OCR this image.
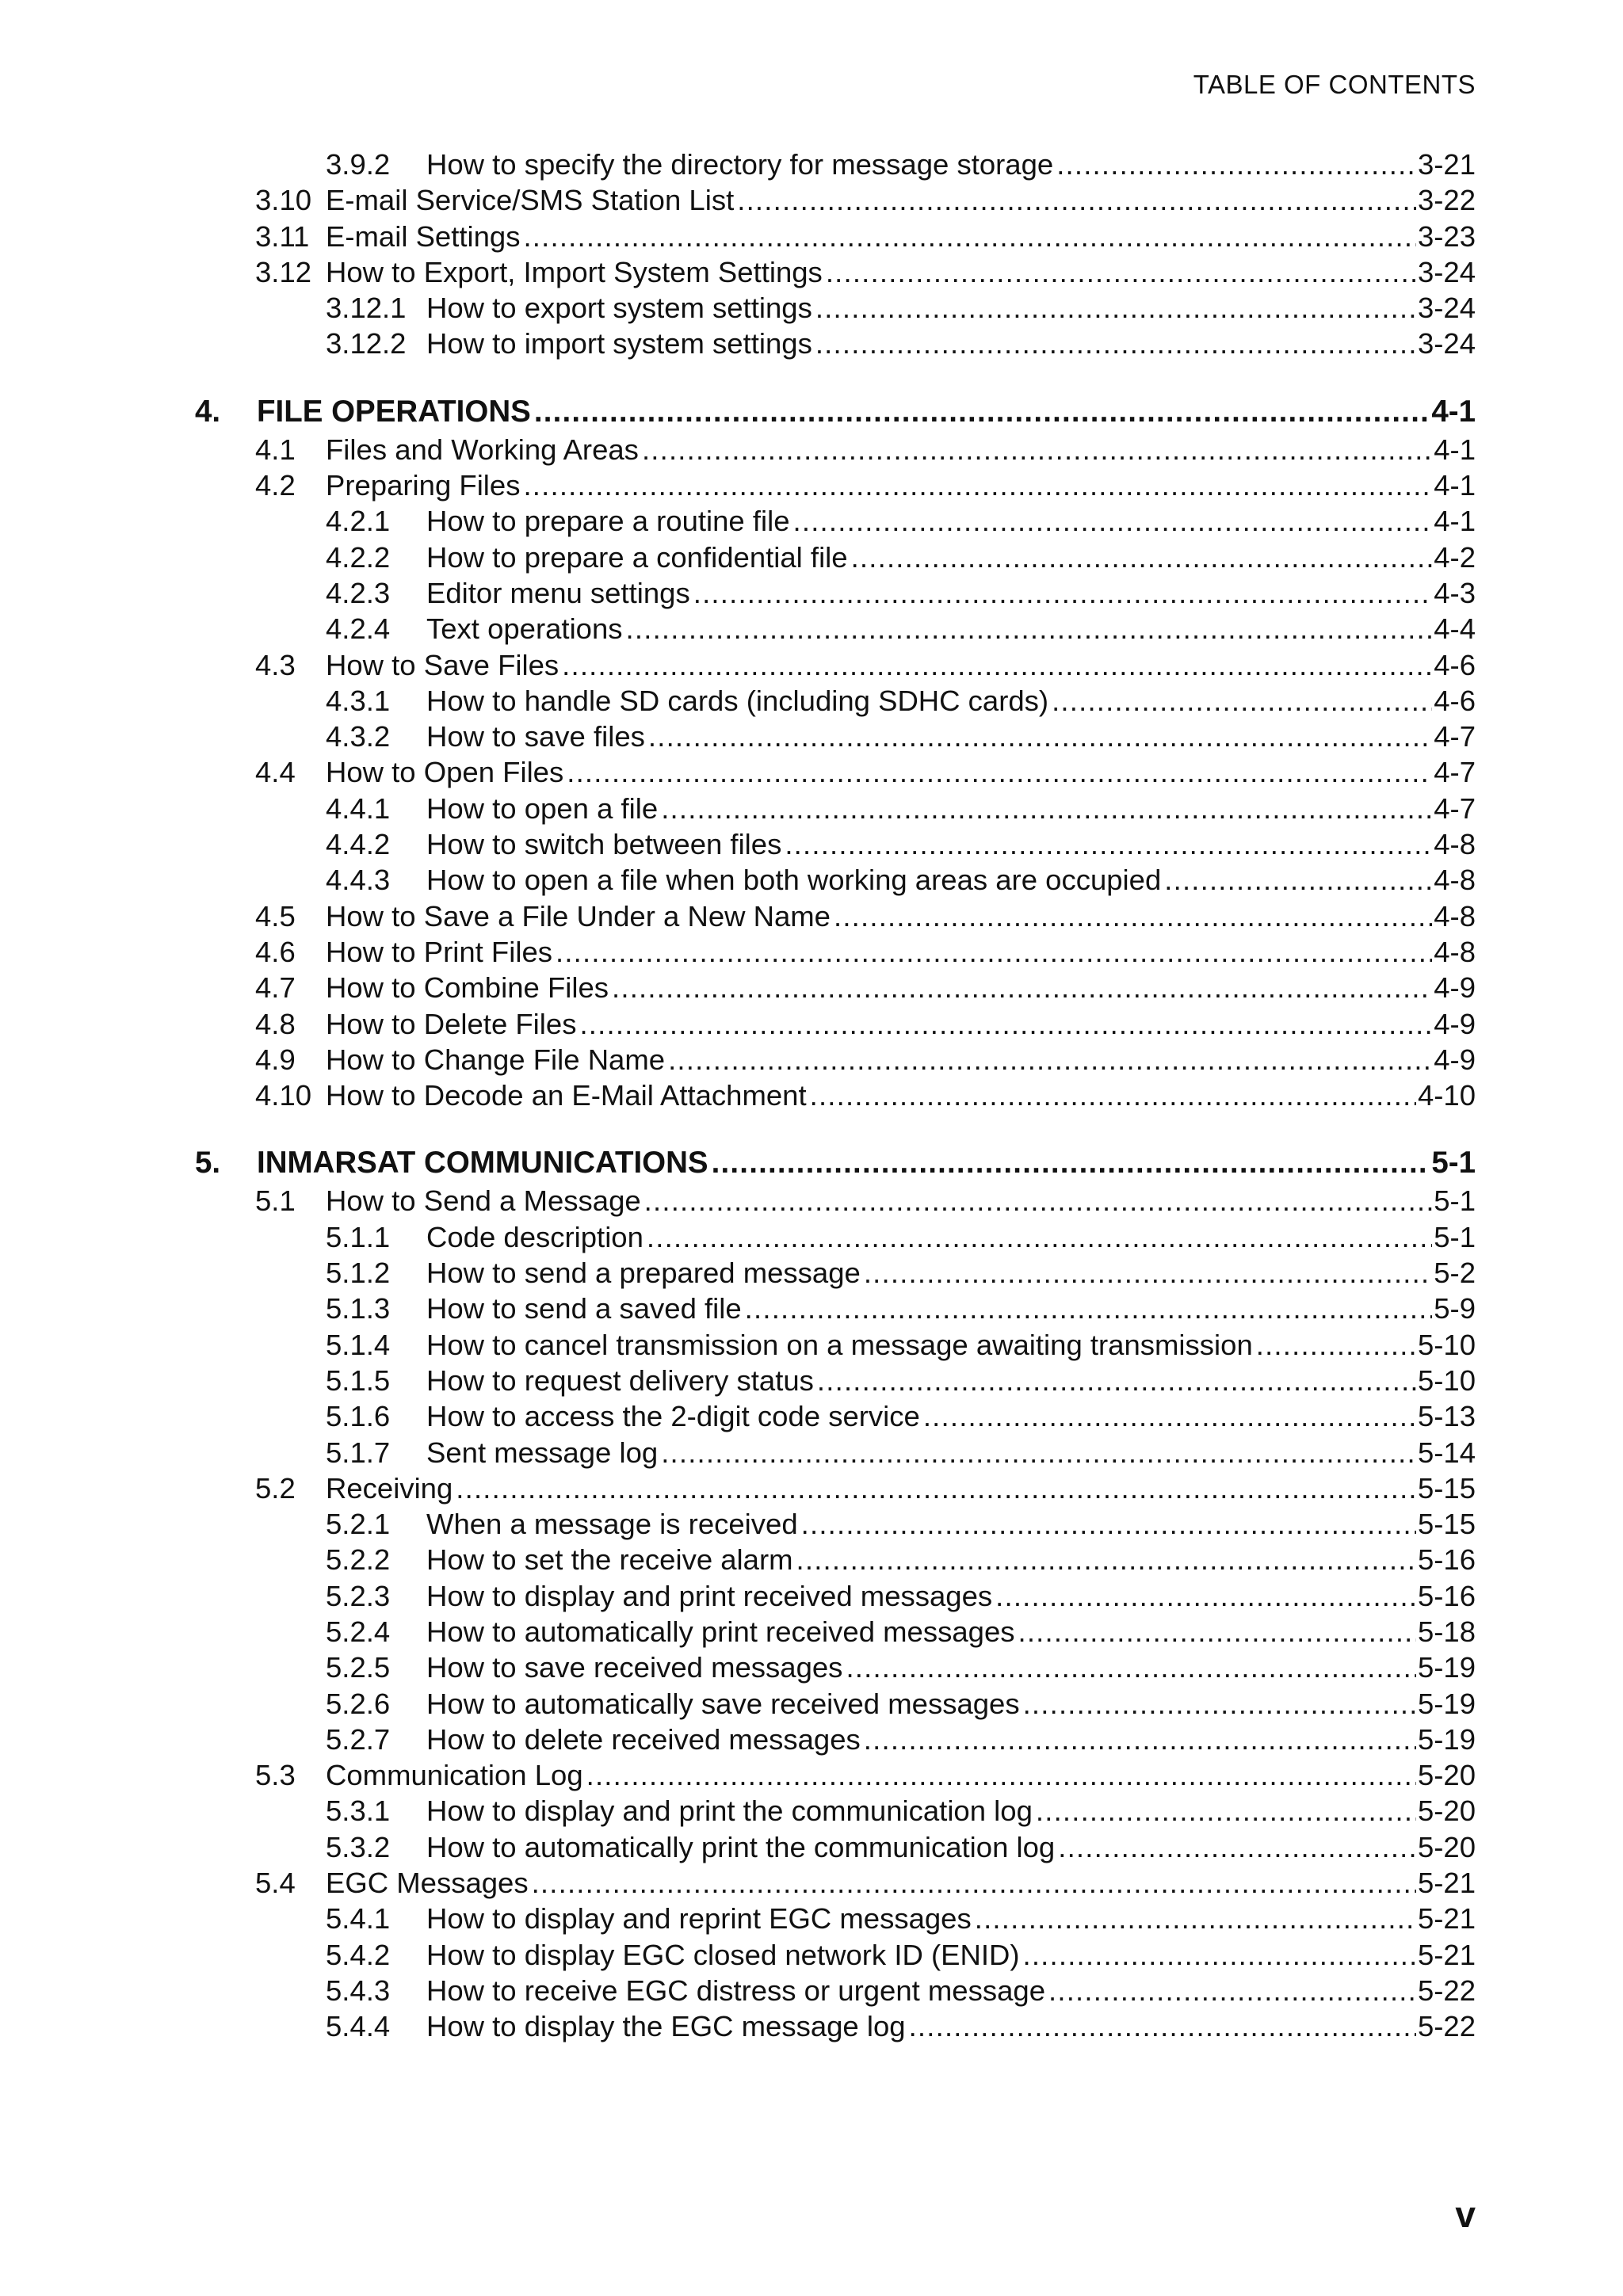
TABLE OF CONTENTS
3.9.2 How to specify the directory for message storage .....	3-21
3.10 E-mail Service/SMS Station List .....	3-22
3.11 E-mail Settings .....	3-23
3.12 How to Export, Import System Settings .....	3-24
3.12.1 How to export system settings .....	3-24
3.12.2 How to import system settings .....	3-24
4. FILE OPERATIONS .....	4-1
4.1 Files and Working Areas .....	4-1
4.2 Preparing Files .....	4-1
4.2.1 How to prepare a routine file .....	4-1
4.2.2 How to prepare a confidential file .....	4-2
4.2.3 Editor menu settings .....	4-3
4.2.4 Text operations .....	4-4
4.3 How to Save Files .....	4-6
4.3.1 How to handle SD cards (including SDHC cards) .....	4-6
4.3.2 How to save files .....	4-7
4.4 How to Open Files .....	4-7
4.4.1 How to open a file .....	4-7
4.4.2 How to switch between files .....	4-8
4.4.3 How to open a file when both working areas are occupied .....	4-8
4.5 How to Save a File Under a New Name .....	4-8
4.6 How to Print Files .....	4-8
4.7 How to Combine Files .....	4-9
4.8 How to Delete Files .....	4-9
4.9 How to Change File Name .....	4-9
4.10 How to Decode an E-Mail Attachment .....	4-10
5. INMARSAT COMMUNICATIONS .....	5-1
5.1 How to Send a Message .....	5-1
5.1.1 Code description .....	5-1
5.1.2 How to send a prepared message .....	5-2
5.1.3 How to send a saved file .....	5-9
5.1.4 How to cancel transmission on a message awaiting transmission .....	5-10
5.1.5 How to request delivery status .....	5-10
5.1.6 How to access the 2-digit code service .....	5-13
5.1.7 Sent message log .....	5-14
5.2 Receiving .....	5-15
5.2.1 When a message is received .....	5-15
5.2.2 How to set the receive alarm .....	5-16
5.2.3 How to display and print received messages .....	5-16
5.2.4 How to automatically print received messages .....	5-18
5.2.5 How to save received messages .....	5-19
5.2.6 How to automatically save received messages .....	5-19
5.2.7 How to delete received messages .....	5-19
5.3 Communication Log .....	5-20
5.3.1 How to display and print the communication log .....	5-20
5.3.2 How to automatically print the communication log .....	5-20
5.4 EGC Messages .....	5-21
5.4.1 How to display and reprint EGC messages .....	5-21
5.4.2 How to display EGC closed network ID (ENID) .....	5-21
5.4.3 How to receive EGC distress or urgent message .....	5-22
5.4.4 How to display the EGC message log .....	5-22
v
